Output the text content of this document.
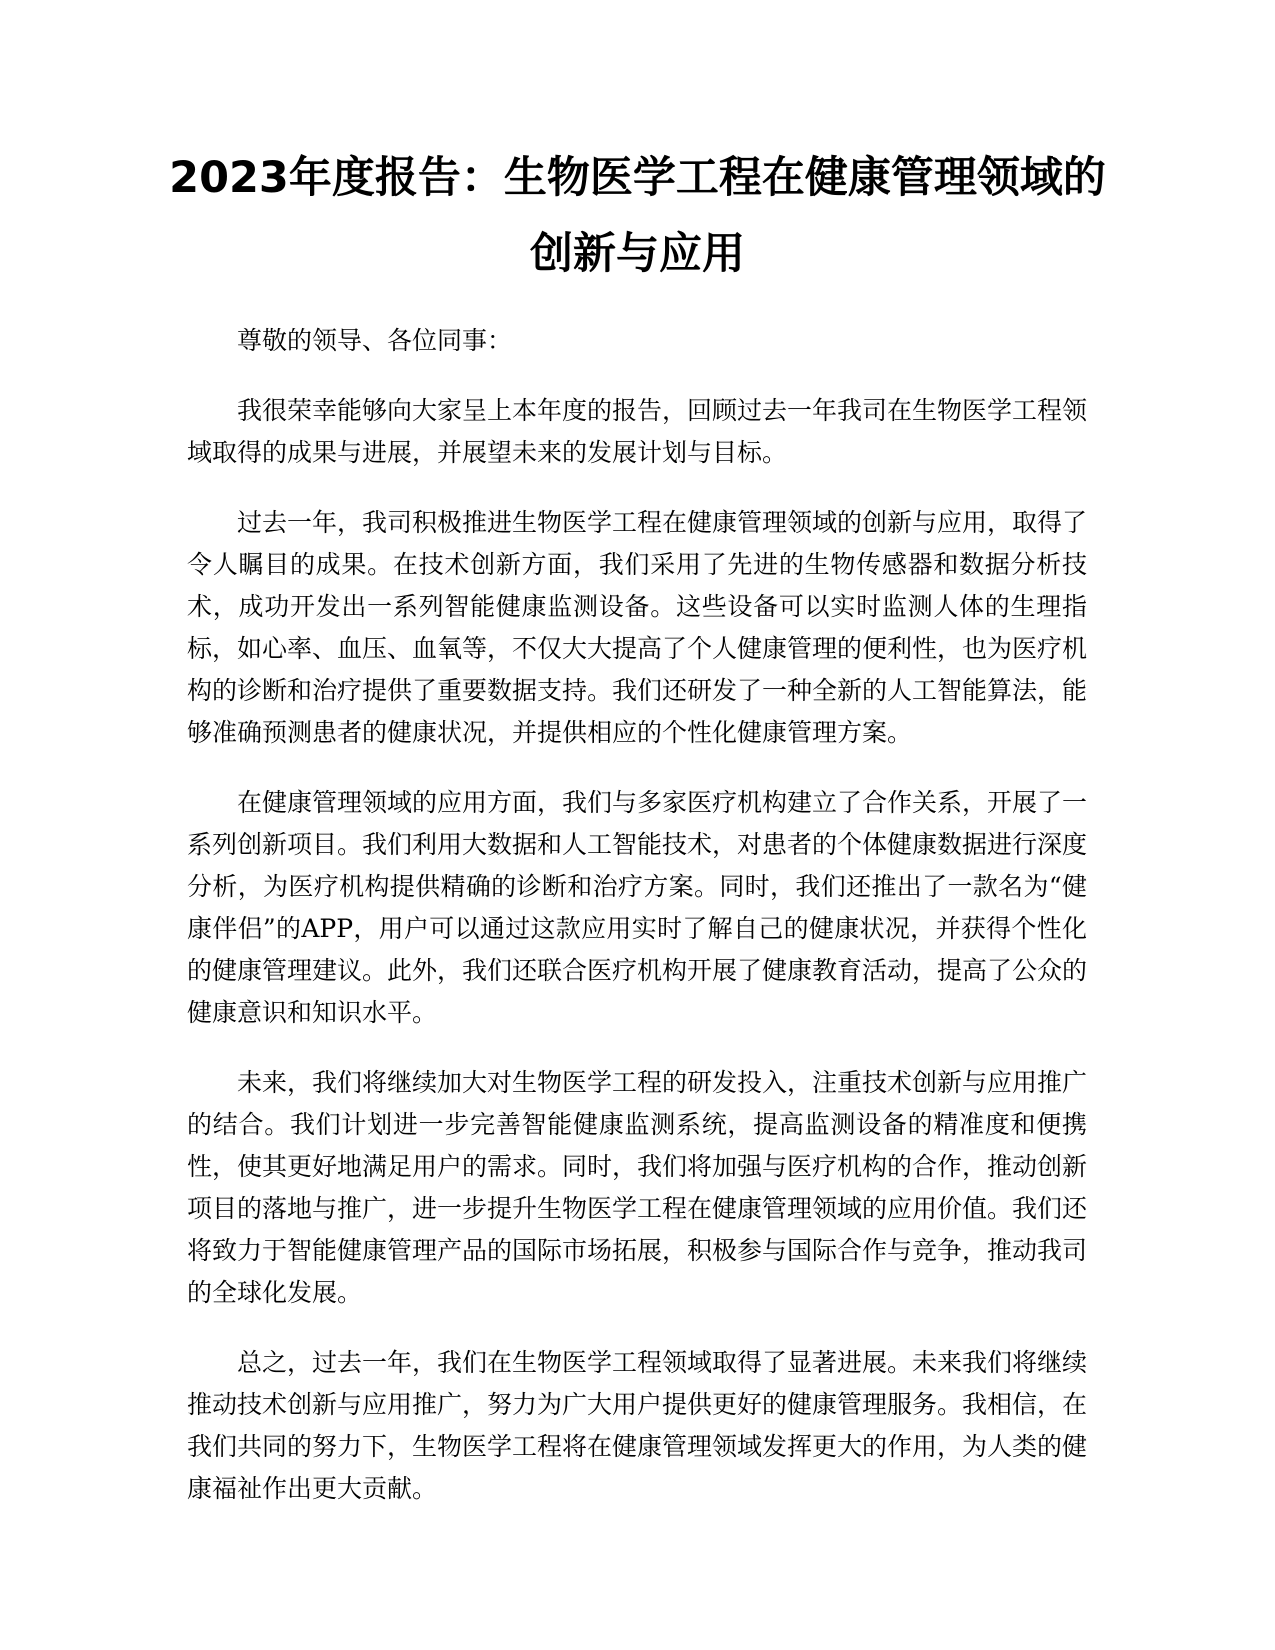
2023年度报告：生物医学工程在健康管理领域的创新与应用

尊敬的领导、各位同事：

我很荣幸能够向大家呈上本年度的报告，回顾过去一年我司在生物医学工程领域取得的成果与进展，并展望未来的发展计划与目标。

过去一年，我司积极推进生物医学工程在健康管理领域的创新与应用，取得了令人瞩目的成果。在技术创新方面，我们采用了先进的生物传感器和数据分析技术，成功开发出一系列智能健康监测设备。这些设备可以实时监测人体的生理指标，如心率、血压、血氧等，不仅大大提高了个人健康管理的便利性，也为医疗机构的诊断和治疗提供了重要数据支持。我们还研发了一种全新的人工智能算法，能够准确预测患者的健康状况，并提供相应的个性化健康管理方案。

在健康管理领域的应用方面，我们与多家医疗机构建立了合作关系，开展了一系列创新项目。我们利用大数据和人工智能技术，对患者的个体健康数据进行深度分析，为医疗机构提供精确的诊断和治疗方案。同时，我们还推出了一款名为“健康伴侣”的APP，用户可以通过这款应用实时了解自己的健康状况，并获得个性化的健康管理建议。此外，我们还联合医疗机构开展了健康教育活动，提高了公众的健康意识和知识水平。

未来，我们将继续加大对生物医学工程的研发投入，注重技术创新与应用推广的结合。我们计划进一步完善智能健康监测系统，提高监测设备的精准度和便携性，使其更好地满足用户的需求。同时，我们将加强与医疗机构的合作，推动创新项目的落地与推广，进一步提升生物医学工程在健康管理领域的应用价值。我们还将致力于智能健康管理产品的国际市场拓展，积极参与国际合作与竞争，推动我司的全球化发展。

总之，过去一年，我们在生物医学工程领域取得了显著进展。未来我们将继续推动技术创新与应用推广，努力为广大用户提供更好的健康管理服务。我相信，在我们共同的努力下，生物医学工程将在健康管理领域发挥更大的作用，为人类的健康福祉作出更大贡献。
